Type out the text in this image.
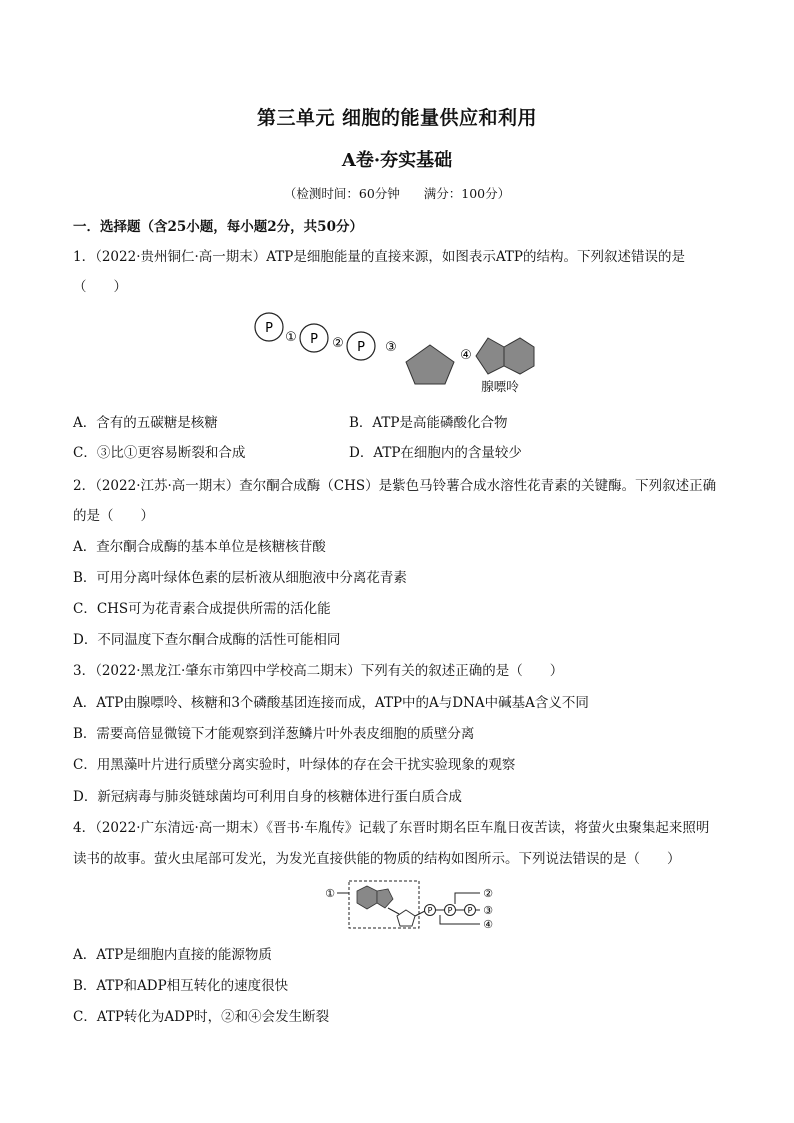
第三单元 细胞的能量供应和利用
A卷·夯实基础
（检测时间：60分钟 满分：100分）
一．选择题（含25小题，每小题2分，共50分）
1．（2022·贵州铜仁·高一期末）ATP是细胞能量的直接来源，如图表示ATP的结构。下列叙述错误的是
（　　）
P
① P ② P ③
④
腺嘌呤
A．含有的五碳糖是核糖	B．ATP是高能磷酸化合物
C．③比①更容易断裂和合成	D．ATP在细胞内的含量较少
2．（2022·江苏·高一期末）查尔酮合成酶（CHS）是紫色马铃薯合成水溶性花青素的关键酶。下列叙述正确
的是（　　）
A．查尔酮合成酶的基本单位是核糖核苷酸
B．可用分离叶绿体色素的层析液从细胞液中分离花青素
C．CHS可为花青素合成提供所需的活化能
D．不同温度下查尔酮合成酶的活性可能相同
3．（2022·黑龙江·肇东市第四中学校高二期末）下列有关的叙述正确的是（　　）
A．ATP由腺嘌呤、核糖和3个磷酸基团连接而成，ATP中的A与DNA中碱基A含义不同
B．需要高倍显微镜下才能观察到洋葱鳞片叶外表皮细胞的质壁分离
C．用黑藻叶片进行质壁分离实验时，叶绿体的存在会干扰实验现象的观察
D．新冠病毒与肺炎链球菌均可利用自身的核糖体进行蛋白质合成
4．（2022·广东清远·高一期末）《晋书·车胤传》记载了东晋时期名臣车胤日夜苦读，将萤火虫聚集起来照明
读书的故事。萤火虫尾部可发光，为发光直接供能的物质的结构如图所示。下列说法错误的是（　　）
①
P P P
②
③
④
A．ATP是细胞内直接的能源物质
B．ATP和ADP相互转化的速度很快
C．ATP转化为ADP时，②和④会发生断裂
